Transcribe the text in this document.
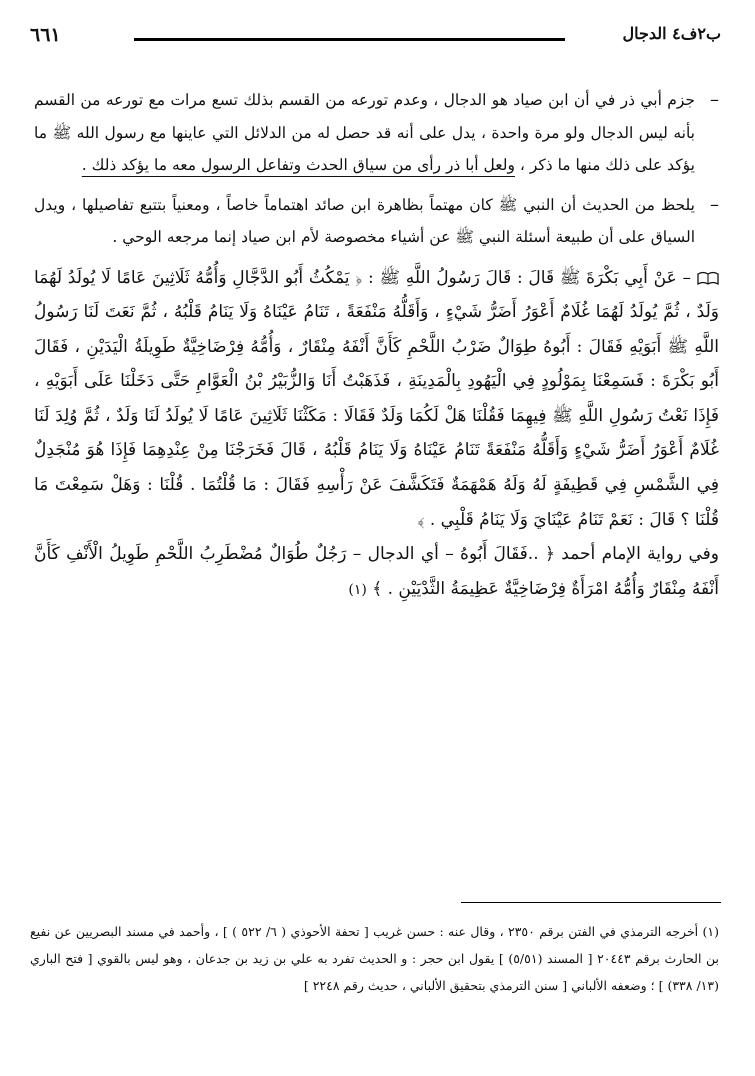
ب٢ف٤ الدجال
٦٦١

–
جزم أبي ذر في أن ابن صياد هو الدجال ، وعدم تورعه من القسم بذلك تسع مرات مع تورعه من القسم بأنه ليس الدجال ولو مرة واحدة ، يدل على أنه قد حصل له من الدلائل التي عاينها مع رسول الله ﷺ ما يؤكد على ذلك منها ما ذكر ، ولعل أبا ذر رأى من سياق الحدث وتفاعل الرسول معه ما يؤكد ذلك .

–
يلحظ من الحديث أن النبي ﷺ كان مهتماً بظاهرة ابن صائد اهتماماً خاصاً ، ومعنياً بتتبع تفاصيلها ، ويدل السياق على أن طبيعة أسئلة النبي ﷺ عن أشياء مخصوصة لأم ابن صياد إنما مرجعه الوحي .

– عَنْ أَبِي بَكْرَةَ ﷺ قَالَ : قَالَ رَسُولُ اللَّهِ ﷺ : ﴿ يَمْكُثُ أَبُو الدَّجَّالِ وَأُمُّهُ ثَلَاثِينَ عَامًا لَا يُولَدُ لَهُمَا وَلَدٌ ، ثُمَّ يُولَدُ لَهُمَا غُلَامٌ أَعْوَرُ أَضَرُّ شَيْءٍ ، وَأَقَلُّهُ مَنْفَعَةً ، تَنَامُ عَيْنَاهُ وَلَا يَنَامُ قَلْبُهُ ، ثُمَّ نَعَتَ لَنَا رَسُولُ اللَّهِ ﷺ أَبَوَيْهِ فَقَالَ : أَبُوهُ طِوَالٌ ضَرْبُ اللَّحْمِ كَأَنَّ أَنْفَهُ مِنْقَارٌ ، وَأُمُّهُ فِرْضَاخِيَّةٌ طَوِيلَةُ الْيَدَيْنِ ، فَقَالَ أَبُو بَكْرَةَ : فَسَمِعْنَا بِمَوْلُودٍ فِي الْيَهُودِ بِالْمَدِينَةِ ، فَذَهَبْتُ أَنَا وَالزُّبَيْرُ بْنُ الْعَوَّامِ حَتَّى دَخَلْنَا عَلَى أَبَوَيْهِ ، فَإِذَا نَعْتُ رَسُولِ اللَّهِ ﷺ فِيهِمَا فَقُلْنَا هَلْ لَكُمَا وَلَدٌ فَقَالَا : مَكَثْنَا ثَلَاثِينَ عَامًا لَا يُولَدُ لَنَا وَلَدٌ ، ثُمَّ وُلِدَ لَنَا غُلَامٌ أَعْوَرُ أَضَرُّ شَيْءٍ وَأَقَلُّهُ مَنْفَعَةً تَنَامُ عَيْنَاهُ وَلَا يَنَامُ قَلْبُهُ ، قَالَ فَخَرَجْنَا مِنْ عِنْدِهِمَا فَإِذَا هُوَ مُنْجَدِلٌ فِي الشَّمْسِ فِي قَطِيفَةٍ لَهُ وَلَهُ هَمْهَمَةٌ فَتَكَشَّفَ عَنْ رَأْسِهِ فَقَالَ : مَا قُلْتُمَا . قُلْنَا : وَهَلْ سَمِعْتَ مَا قُلْنَا ؟ قَالَ : نَعَمْ تَنَامُ عَيْنَايَ وَلَا يَنَامُ قَلْبِي . ﴾

وفي رواية الإمام أحمد ﴿ ..فَقَالَ أَبُوهُ – أي الدجال – رَجُلٌ طُوَالٌ مُضْطَرِبُ اللَّحْمِ طَوِيلُ الْأَنْفِ كَأَنَّ أَنْفَهُ مِنْقَارٌ وَأُمُّهُ امْرَأَةٌ فِرْضَاخِيَّةٌ عَظِيمَةُ الثَّدْيَيْنِ . ﴾ (١)

(١) أخرجه الترمذي في الفتن برقم ٢٣٥٠ ، وقال عنه : حسن غريب [ تحفة الأحوذي ( ٦/ ٥٢٢ ) ] ، وأحمد في مسند البصريين عن نفيع بن الحارث برقم ٢٠٤٤٣ [ المسند (٥/٥١) ] يقول ابن حجر : و الحديث تفرد به علي بن زيد بن جدعان ، وهو ليس بالقوي [ فتح الباري (١٣/ ٣٣٨) ] ؛ وضعفه الألباني [ سنن الترمذي بتحقيق الألباني ، حديث رقم ٢٢٤٨ ]
